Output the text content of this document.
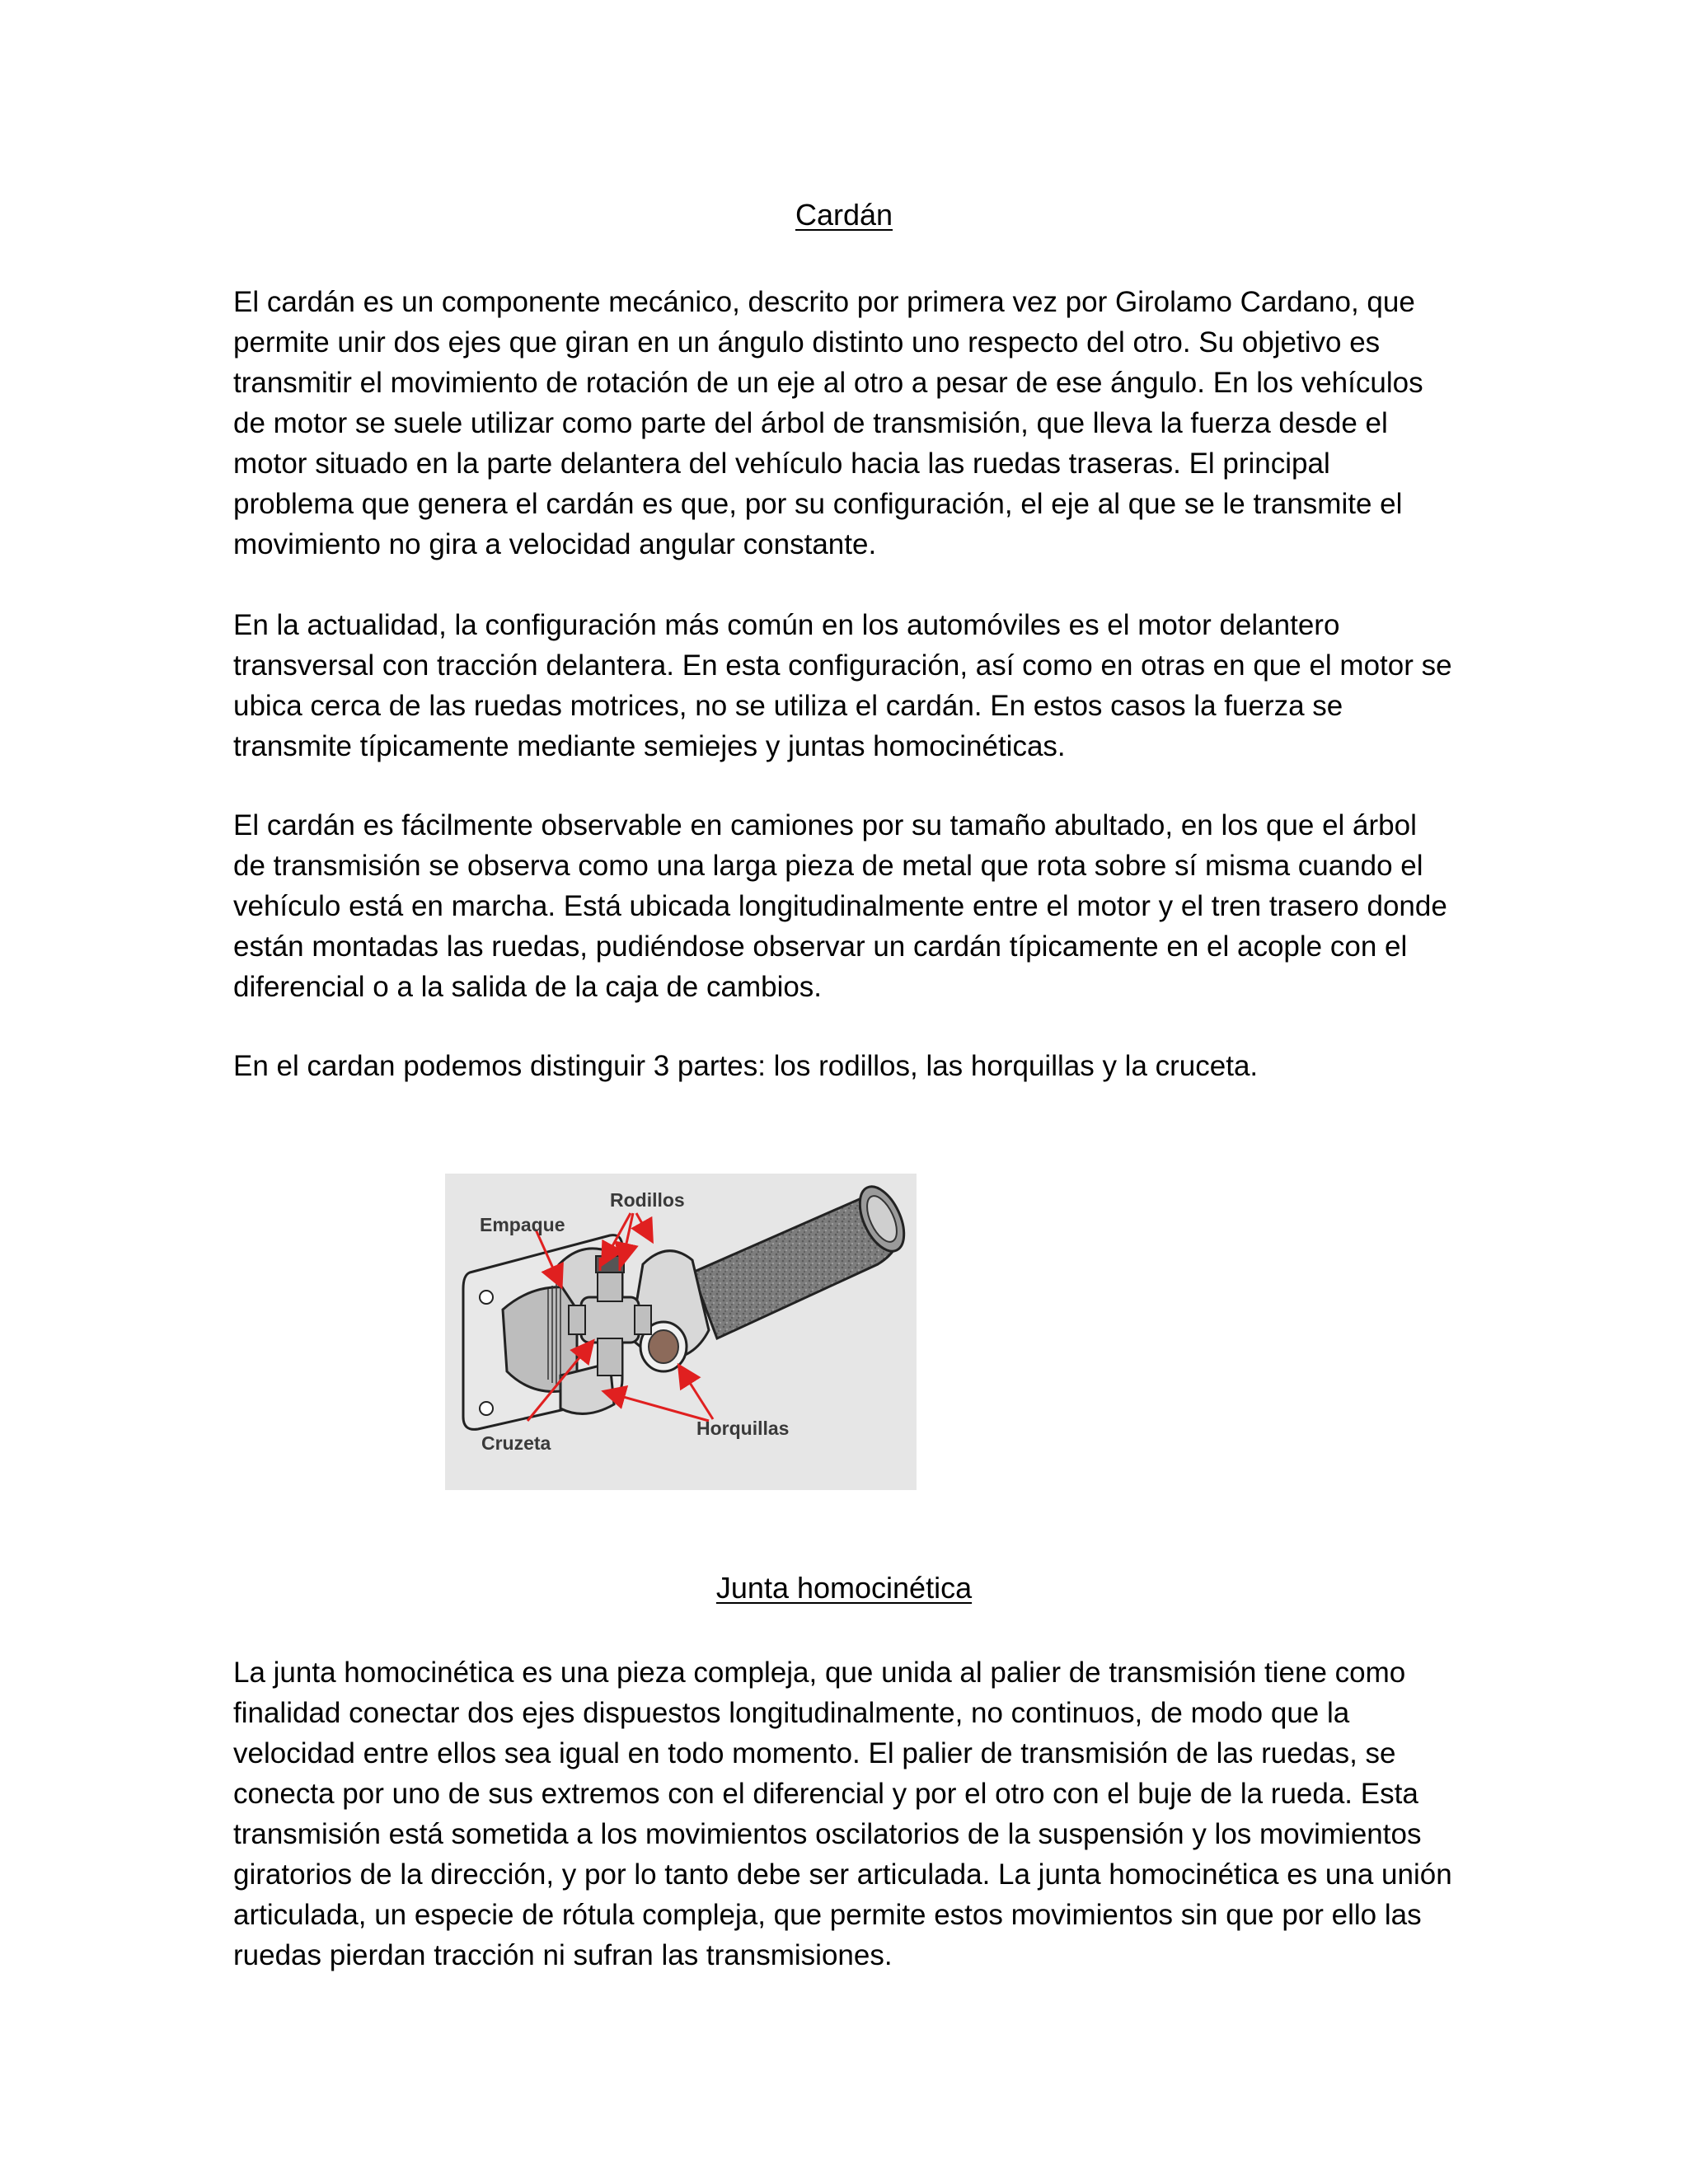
Cardán

El cardán es un componente mecánico, descrito por primera vez por Girolamo Cardano, que permite unir dos ejes que giran en un ángulo distinto uno respecto del otro. Su objetivo es transmitir el movimiento de rotación de un eje al otro a pesar de ese ángulo. En los vehículos de motor se suele utilizar como parte del árbol de transmisión, que lleva la fuerza desde el motor situado en la parte delantera del vehículo hacia las ruedas traseras. El principal problema que genera el cardán es que, por su configuración, el eje al que se le transmite el movimiento no gira a velocidad angular constante.

En la actualidad, la configuración más común en los automóviles es el motor delantero transversal con tracción delantera. En esta configuración, así como en otras en que el motor se ubica cerca de las ruedas motrices, no se utiliza el cardán. En estos casos la fuerza se transmite típicamente mediante semiejes y juntas homocinéticas.

El cardán es fácilmente observable en camiones por su tamaño abultado, en los que el árbol de transmisión se observa como una larga pieza de metal que rota sobre sí misma cuando el vehículo está en marcha. Está ubicada longitudinalmente entre el motor y el tren trasero donde están montadas las ruedas, pudiéndose observar un cardán típicamente en el acople con el diferencial o a la salida de la caja de cambios.

En el cardan podemos distinguir 3 partes: los rodillos, las horquillas y la cruceta.

Rodillos
Empaque
Cruzeta
Horquillas
Junta homocinética

La junta homocinética es una pieza compleja, que unida al palier de transmisión tiene como finalidad conectar dos ejes dispuestos longitudinalmente, no continuos, de modo que la velocidad entre ellos sea igual en todo momento. El palier de transmisión de las ruedas, se conecta por uno de sus extremos con el diferencial y por el otro con el buje de la rueda. Esta transmisión está sometida a los movimientos oscilatorios de la suspensión y los movimientos giratorios de la dirección, y por lo tanto debe ser articulada. La junta homocinética es una unión articulada, un especie de rótula compleja, que permite estos movimientos sin que por ello las ruedas pierdan tracción ni sufran las transmisiones.
